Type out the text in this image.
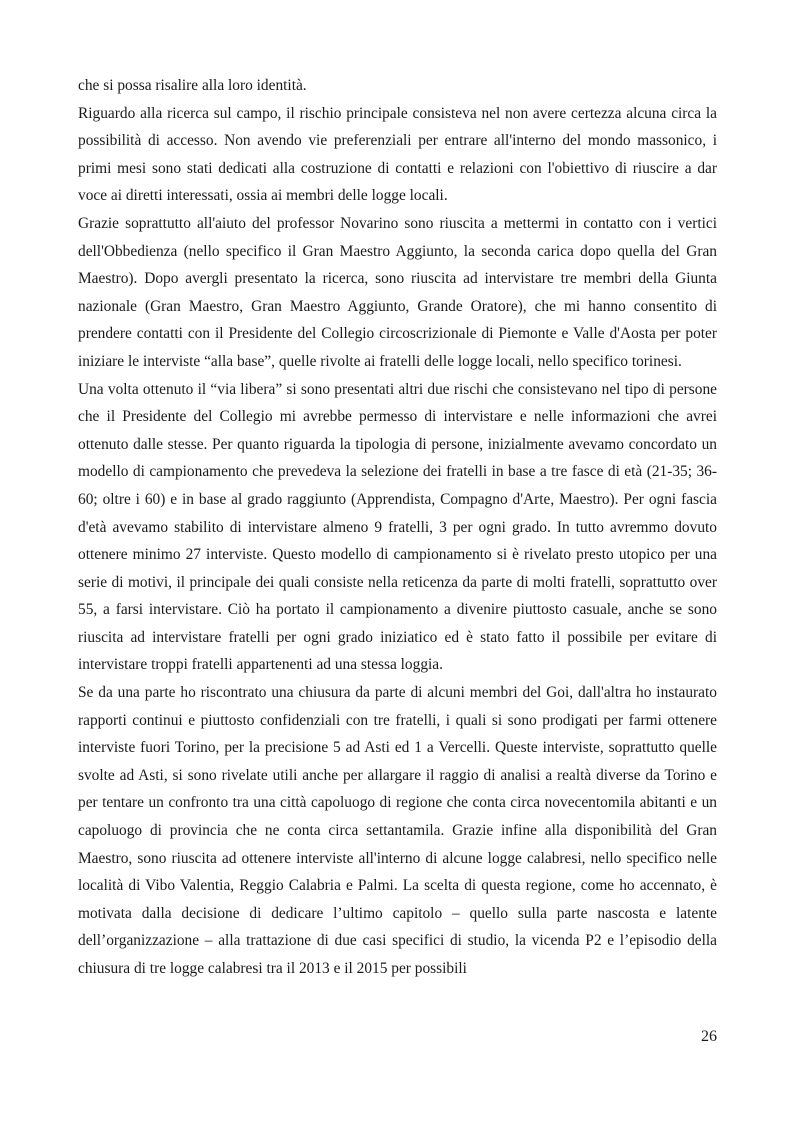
che si possa risalire alla loro identità.

Riguardo alla ricerca sul campo, il rischio principale consisteva nel non avere certezza alcuna circa la possibilità di accesso. Non avendo vie preferenziali per entrare all'interno del mondo massonico, i primi mesi sono stati dedicati alla costruzione di contatti e relazioni con l'obiettivo di riuscire a dar voce ai diretti interessati, ossia ai membri delle logge locali.

Grazie soprattutto all'aiuto del professor Novarino sono riuscita a mettermi in contatto con i vertici dell'Obbedienza (nello specifico il Gran Maestro Aggiunto, la seconda carica dopo quella del Gran Maestro). Dopo avergli presentato la ricerca, sono riuscita ad intervistare tre membri della Giunta nazionale (Gran Maestro, Gran Maestro Aggiunto, Grande Oratore), che mi hanno consentito di prendere contatti con il Presidente del Collegio circoscrizionale di Piemonte e Valle d'Aosta per poter iniziare le interviste “alla base”, quelle rivolte ai fratelli delle logge locali, nello specifico torinesi.

Una volta ottenuto il “via libera” si sono presentati altri due rischi che consistevano nel tipo di persone che il Presidente del Collegio mi avrebbe permesso di intervistare e nelle informazioni che avrei ottenuto dalle stesse. Per quanto riguarda la tipologia di persone, inizialmente avevamo concordato un modello di campionamento che prevedeva la selezione dei fratelli in base a tre fasce di età (21-35; 36-60; oltre i 60) e in base al grado raggiunto (Apprendista, Compagno d'Arte, Maestro). Per ogni fascia d'età avevamo stabilito di intervistare almeno 9 fratelli, 3 per ogni grado. In tutto avremmo dovuto ottenere minimo 27 interviste. Questo modello di campionamento si è rivelato presto utopico per una serie di motivi, il principale dei quali consiste nella reticenza da parte di molti fratelli, soprattutto over 55, a farsi intervistare. Ciò ha portato il campionamento a divenire piuttosto casuale, anche se sono riuscita ad intervistare fratelli per ogni grado iniziatico ed è stato fatto il possibile per evitare di intervistare troppi fratelli appartenenti ad una stessa loggia.

Se da una parte ho riscontrato una chiusura da parte di alcuni membri del Goi, dall'altra ho instaurato rapporti continui e piuttosto confidenziali con tre fratelli, i quali si sono prodigati per farmi ottenere interviste fuori Torino, per la precisione 5 ad Asti ed 1 a Vercelli. Queste interviste, soprattutto quelle svolte ad Asti, si sono rivelate utili anche per allargare il raggio di analisi a realtà diverse da Torino e per tentare un confronto tra una città capoluogo di regione che conta circa novecentomila abitanti e un capoluogo di provincia che ne conta circa settantamila. Grazie infine alla disponibilità del Gran Maestro, sono riuscita ad ottenere interviste all'interno di alcune logge calabresi, nello specifico nelle località di Vibo Valentia, Reggio Calabria e Palmi. La scelta di questa regione, come ho accennato, è motivata dalla decisione di dedicare l’ultimo capitolo – quello sulla parte nascosta e latente dell’organizzazione – alla trattazione di due casi specifici di studio, la vicenda P2 e l’episodio della chiusura di tre logge calabresi tra il 2013 e il 2015 per possibili

26
